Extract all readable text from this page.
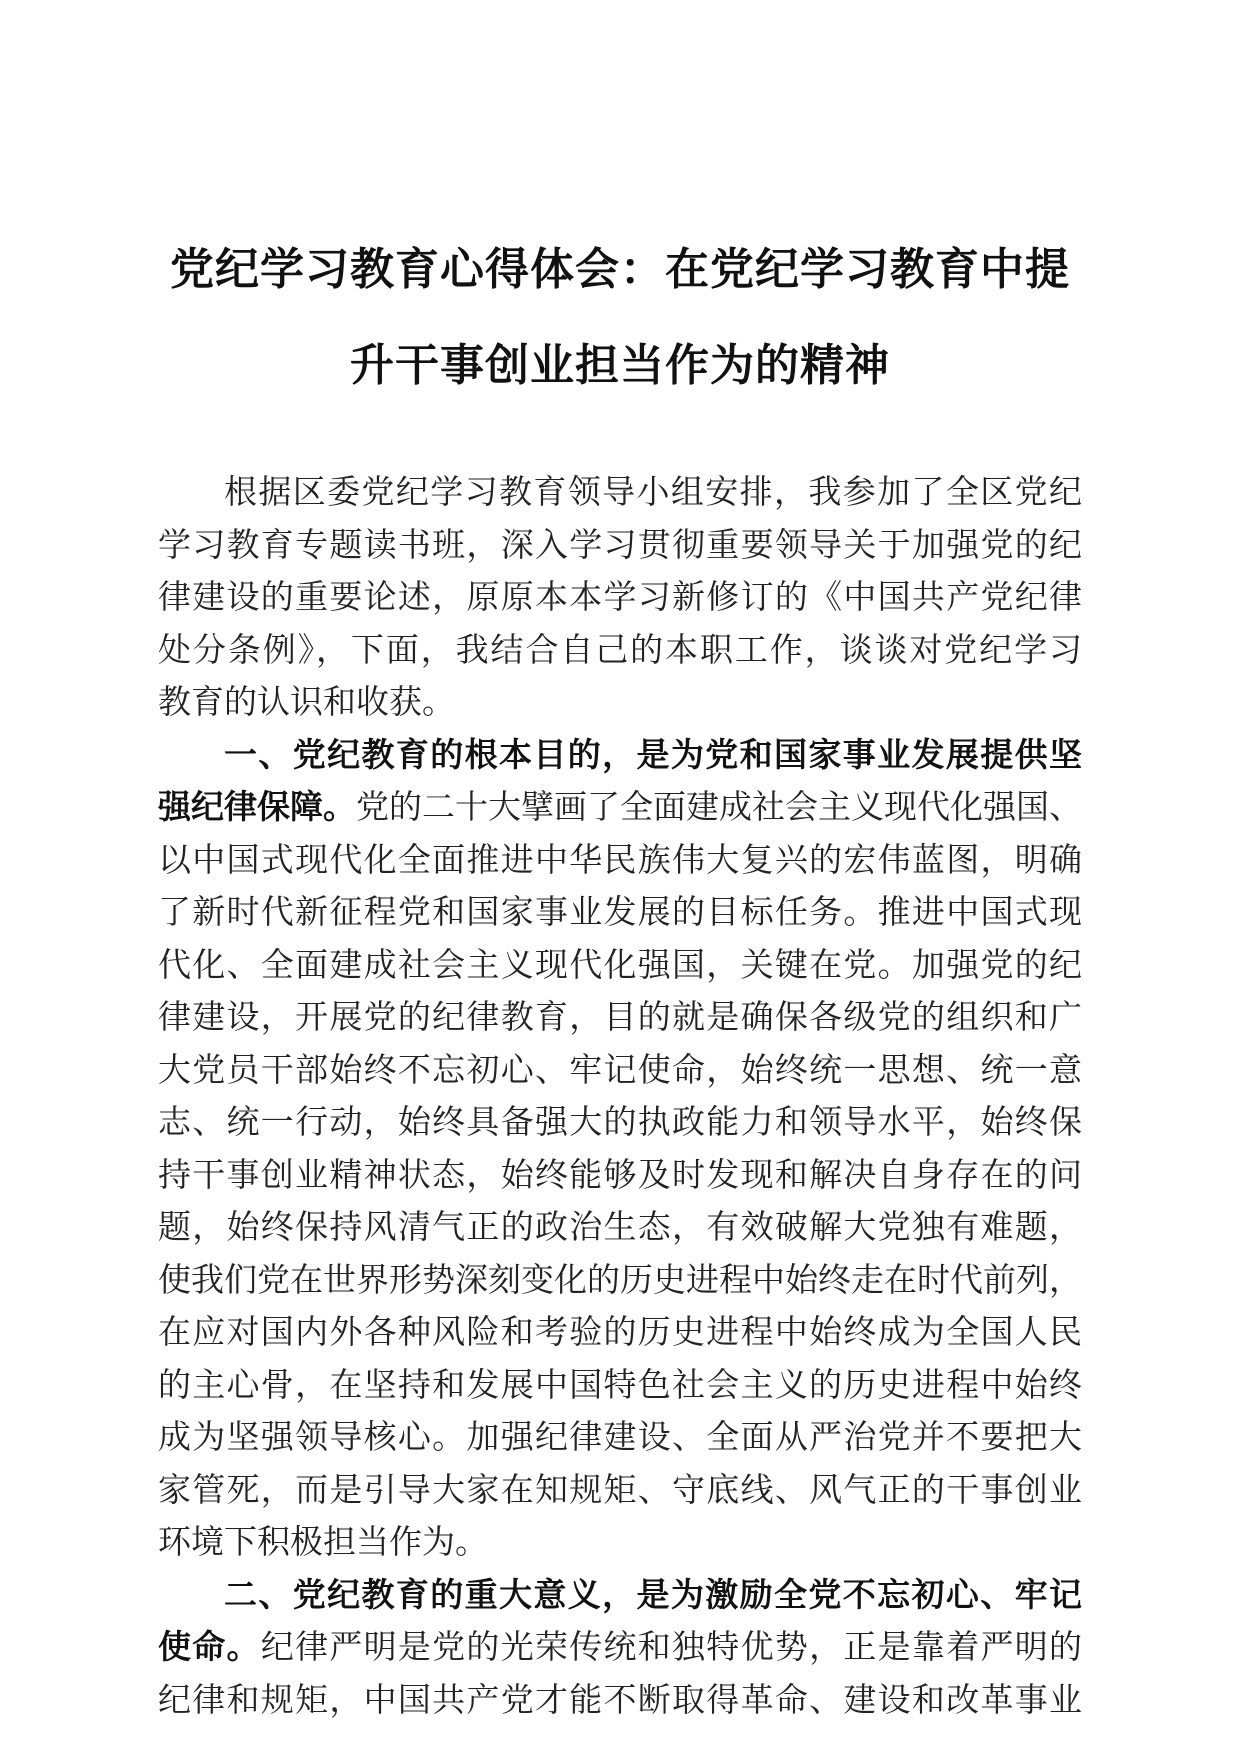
党纪学习教育心得体会：在党纪学习教育中提
升干事创业担当作为的精神
根据区委党纪学习教育领导小组安排，我参加了全区党纪
学习教育专题读书班，深入学习贯彻重要领导关于加强党的纪
律建设的重要论述，原原本本学习新修订的《中国共产党纪律
处分条例》，下面，我结合自己的本职工作，谈谈对党纪学习
教育的认识和收获。
一、党纪教育的根本目的，是为党和国家事业发展提供坚
强纪律保障。党的二十大擘画了全面建成社会主义现代化强国、
以中国式现代化全面推进中华民族伟大复兴的宏伟蓝图，明确
了新时代新征程党和国家事业发展的目标任务。推进中国式现
代化、全面建成社会主义现代化强国，关键在党。加强党的纪
律建设，开展党的纪律教育，目的就是确保各级党的组织和广
大党员干部始终不忘初心、牢记使命，始终统一思想、统一意
志、统一行动，始终具备强大的执政能力和领导水平，始终保
持干事创业精神状态，始终能够及时发现和解决自身存在的问
题，始终保持风清气正的政治生态，有效破解大党独有难题，
使我们党在世界形势深刻变化的历史进程中始终走在时代前列，
在应对国内外各种风险和考验的历史进程中始终成为全国人民
的主心骨，在坚持和发展中国特色社会主义的历史进程中始终
成为坚强领导核心。加强纪律建设、全面从严治党并不要把大
家管死，而是引导大家在知规矩、守底线、风气正的干事创业
环境下积极担当作为。
二、党纪教育的重大意义，是为激励全党不忘初心、牢记
使命。纪律严明是党的光荣传统和独特优势，正是靠着严明的
纪律和规矩，中国共产党才能不断取得革命、建设和改革事业
